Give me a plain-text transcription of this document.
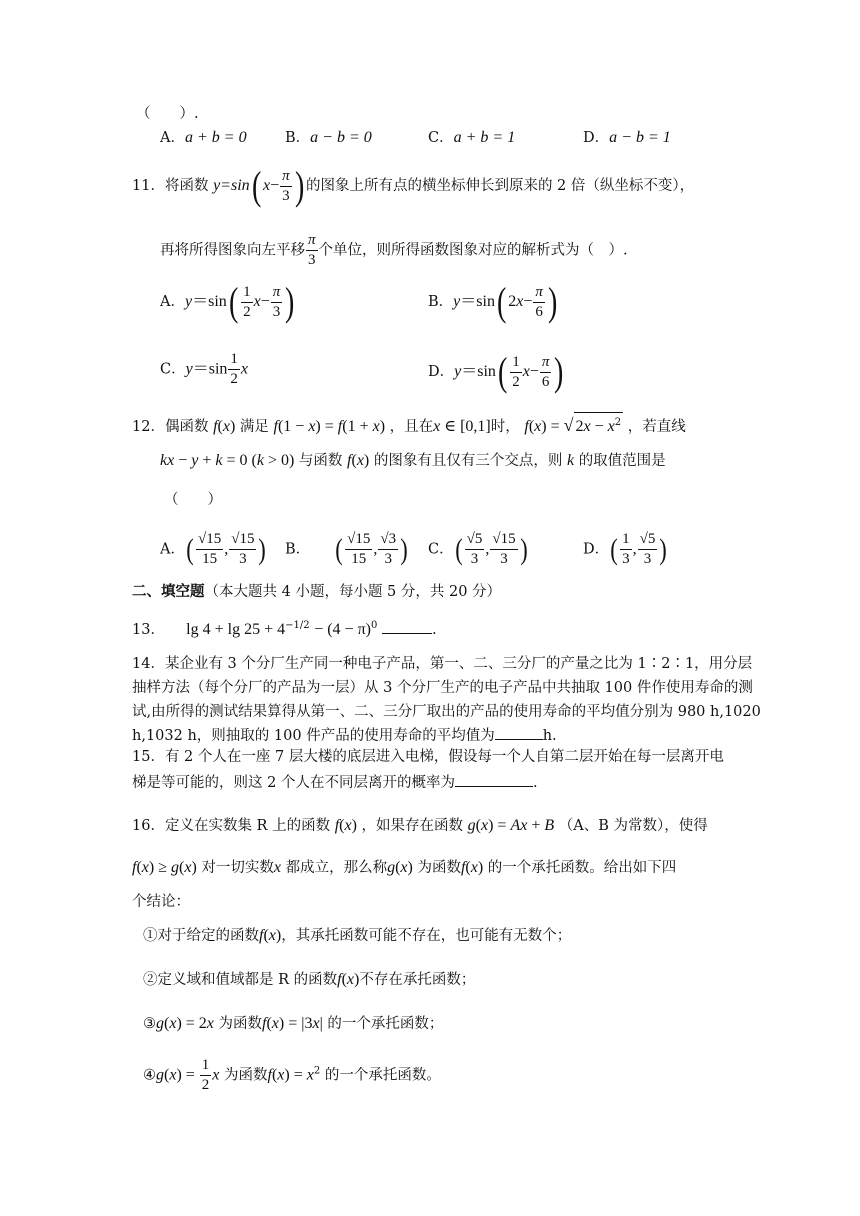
（　　）.
A．a + b = 0	B．a − b = 0	C．a + b = 1	D．a − b = 1
11．将函数 y=sin( $x- \frac{\pi}{3}$ ) 的图象上所有点的横坐标伸长到原来的 2 倍（纵坐标不变），
再将所得图象向左平移 $\frac{\pi}{3}$ 个单位，则所得函数图象对应的解析式为（　）.
A．$y=\sin( \frac{1}{2} x- \frac{\pi}{3}$ )	B．y＝sin( $2x- \frac{\pi}{6}$ )
C．$y=\sin \frac{1}{2}$ x	D．$y=\sin( \frac{1}{2} x- \frac{\pi}{6}$ )
12．偶函数 f(x) 满足 f(1 − x) = f(1 + x) ，且在x ∈ [0,1]时， f(x) = √ $2x - x^2$ ，若直线
kx − y + k = 0 (k > 0) 与函数 f(x) 的图象有且仅有三个交点，则 k 的取值范围是
（　　）
A．( $\frac{√15}{15}$ , $\frac{√15}{3}$ ) B． ( $\frac{√15}{15}$ , $\frac{√3}{3}$ ) C．( $\frac{√5}{3}$ , $\frac{√15}{3}$ )	D．( $\frac{1}{3}$ , $\frac{√5}{3}$ )
二、填空题（本大题共 4 小题，每小题 5 分，共 20 分）
13． $\lg 4 + \lg 25 + 4^{-1/2} - (4 - \pi)^0$	.
14．某企业有 3 个分厂生产同一种电子产品，第一、二、三分厂的产量之比为 1∶2∶1，用分层
抽样方法（每个分厂的产品为一层）从 3 个分厂生产的电子产品中共抽取 100 件作使用寿命的测
试,由所得的测试结果算得从第一、二、三分厂取出的产品的使用寿命的平均值分别为 980 h,1020
h,1032 h，则抽取的 100 件产品的使用寿命的平均值为	h.
15．有 2 个人在一座 7 层大楼的底层进入电梯，假设每一个人自第二层开始在每一层离开电
梯是等可能的，则这 2 个人在不同层离开的概率为	.
16．定义在实数集 R 上的函数 f(x) ，如果存在函数 g(x) = Ax + B （A、B 为常数），使得
f(x) ≥ g(x) 对一切实数x 都成立，那么称g(x) 为函数f(x) 的一个承托函数。给出如下四
个结论：
①对于给定的函数f(x)，其承托函数可能不存在，也可能有无数个；
②定义域和值域都是 R 的函数f(x)不存在承托函数；
③g(x) = 2x 为函数f(x) = |3x| 的一个承托函数；
④g(x) = $\frac{1}{2}$ x 为函数$f(x) = x^2$ 的一个承托函数。
